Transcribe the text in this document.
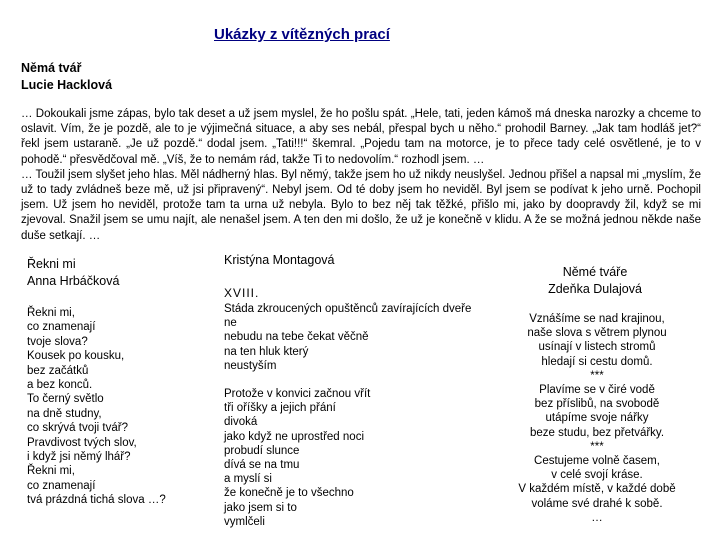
Ukázky z vítězných prací
Němá tvář
Lucie Hacklová

… Dokoukali jsme zápas, bylo tak deset a už jsem myslel, že ho pošlu spát. „Hele, tati, jeden kámoš má dneska narozky a chceme to oslavit. Vím, že je pozdě, ale to je výjimečná situace, a aby ses nebál, přespal bych u něho.“ prohodil Barney. „Jak tam hodláš jet?“ řekl jsem ustaraně. „Je už pozdě.“ dodal jsem. „Tati!!!“ škemral. „Pojedu tam na motorce, je to přece tady celé osvětlené, je to v pohodě.“ přesvědčoval mě. „Víš, že to nemám rád, takže Ti to nedovolím.“ rozhodl jsem. …

… Toužil jsem slyšet jeho hlas. Měl nádherný hlas. Byl němý, takže jsem ho už nikdy neuslyšel. Jednou přišel a napsal mi „myslím, že už to tady zvládneš beze mě, už jsi připravený“. Nebyl jsem. Od té doby jsem ho neviděl. Byl jsem se podívat k jeho urně. Pochopil jsem. Už jsem ho neviděl, protože tam ta urna už nebyla. Bylo to bez něj tak těžké, přišlo mi, jako by doopravdy žil, když se mi zjevoval. Snažil jsem se umu najít, ale nenašel jsem. A ten den mi došlo, že už je konečně v klidu. A že se možná jednou někde naše duše setkají. …

Řekni mi
Anna Hrbáčková
Řekni mi,
co znamenají
tvoje slova?
Kousek po kousku,
bez začátků
a bez konců.
To černý světlo
na dně studny,
co skrývá tvoji tvář?
Pravdivost tvých slov,
i když jsi němý lhář?
Řekni mi,
co znamenají
tvá prázdná tichá slova …?
Kristýna Montagová
XVIII.
Stáda zkroucených opuštěnců zavírajících dveře
ne
nebudu na tebe čekat věčně
na ten hluk který
neustyším
Protože v konvici začnou vřít
tři oříšky a jejich přání
divoká
jako když ne uprostřed noci
probudí slunce
dívá se na tmu
a myslí si
že konečně je to všechno
jako jsem si to
vymlčeli
Němé tváře
Zdeňka Dulajová
Vznášíme se nad krajinou,
naše slova s větrem plynou
usínají v listech stromů
hledají si cestu domů.
***
Plavíme se v čiré vodě
bez příslibů, na svobodě
utápíme svoje nářky
beze studu, bez přetvářky.
***
Cestujeme volně časem,
v celé svojí kráse.
V každém místě, v každé době
voláme své drahé k sobě.
…
